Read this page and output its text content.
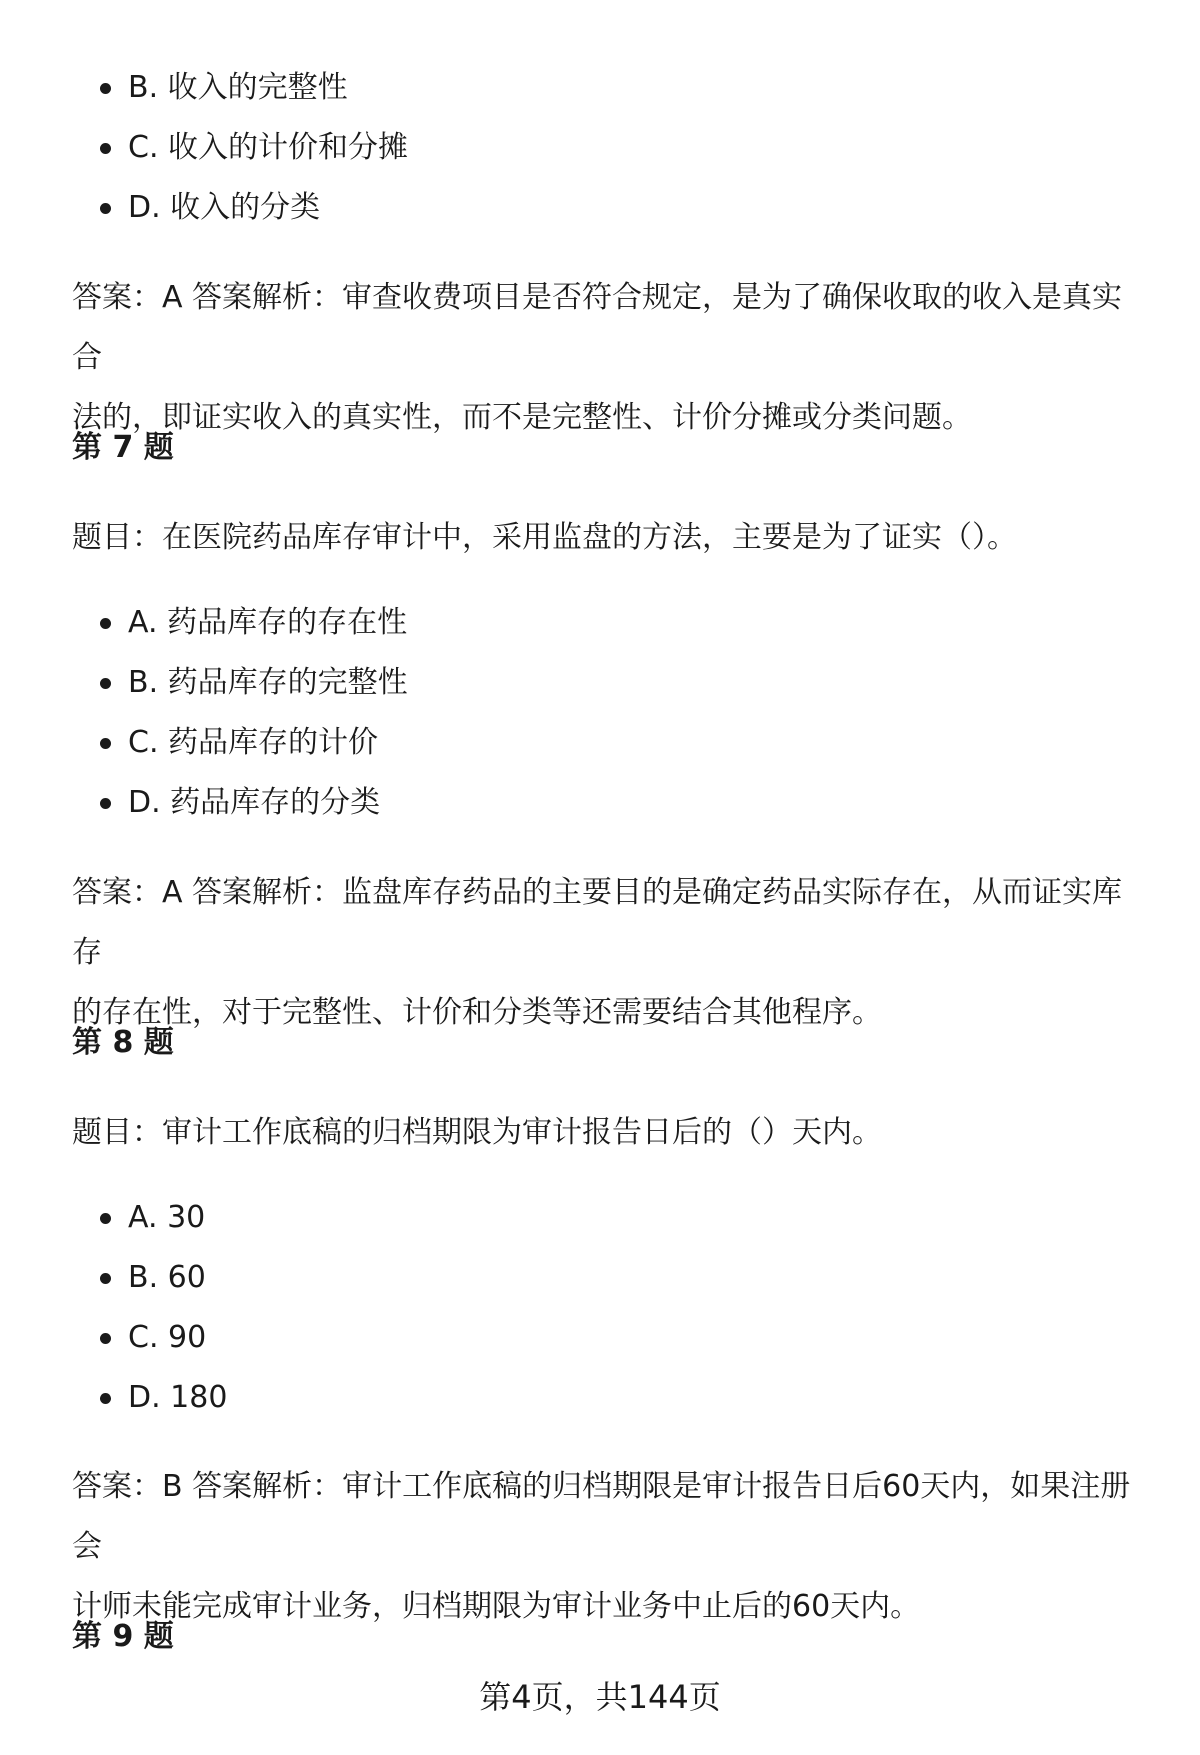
B. 收入的完整性
C. 收入的计价和分摊
D. 收入的分类
答案：A 答案解析：审查收费项目是否符合规定，是为了确保收取的收入是真实合
法的，即证实收入的真实性，而不是完整性、计价分摊或分类问题。
第 7 题
题目：在医院药品库存审计中，采用监盘的方法，主要是为了证实（）。
A. 药品库存的存在性
B. 药品库存的完整性
C. 药品库存的计价
D. 药品库存的分类
答案：A 答案解析：监盘库存药品的主要目的是确定药品实际存在，从而证实库存
的存在性，对于完整性、计价和分类等还需要结合其他程序。
第 8 题
题目：审计工作底稿的归档期限为审计报告日后的（）天内。
A. 30
B. 60
C. 90
D. 180
答案：B 答案解析：审计工作底稿的归档期限是审计报告日后60天内，如果注册会
计师未能完成审计业务，归档期限为审计业务中止后的60天内。
第 9 题
第4页，共144页
